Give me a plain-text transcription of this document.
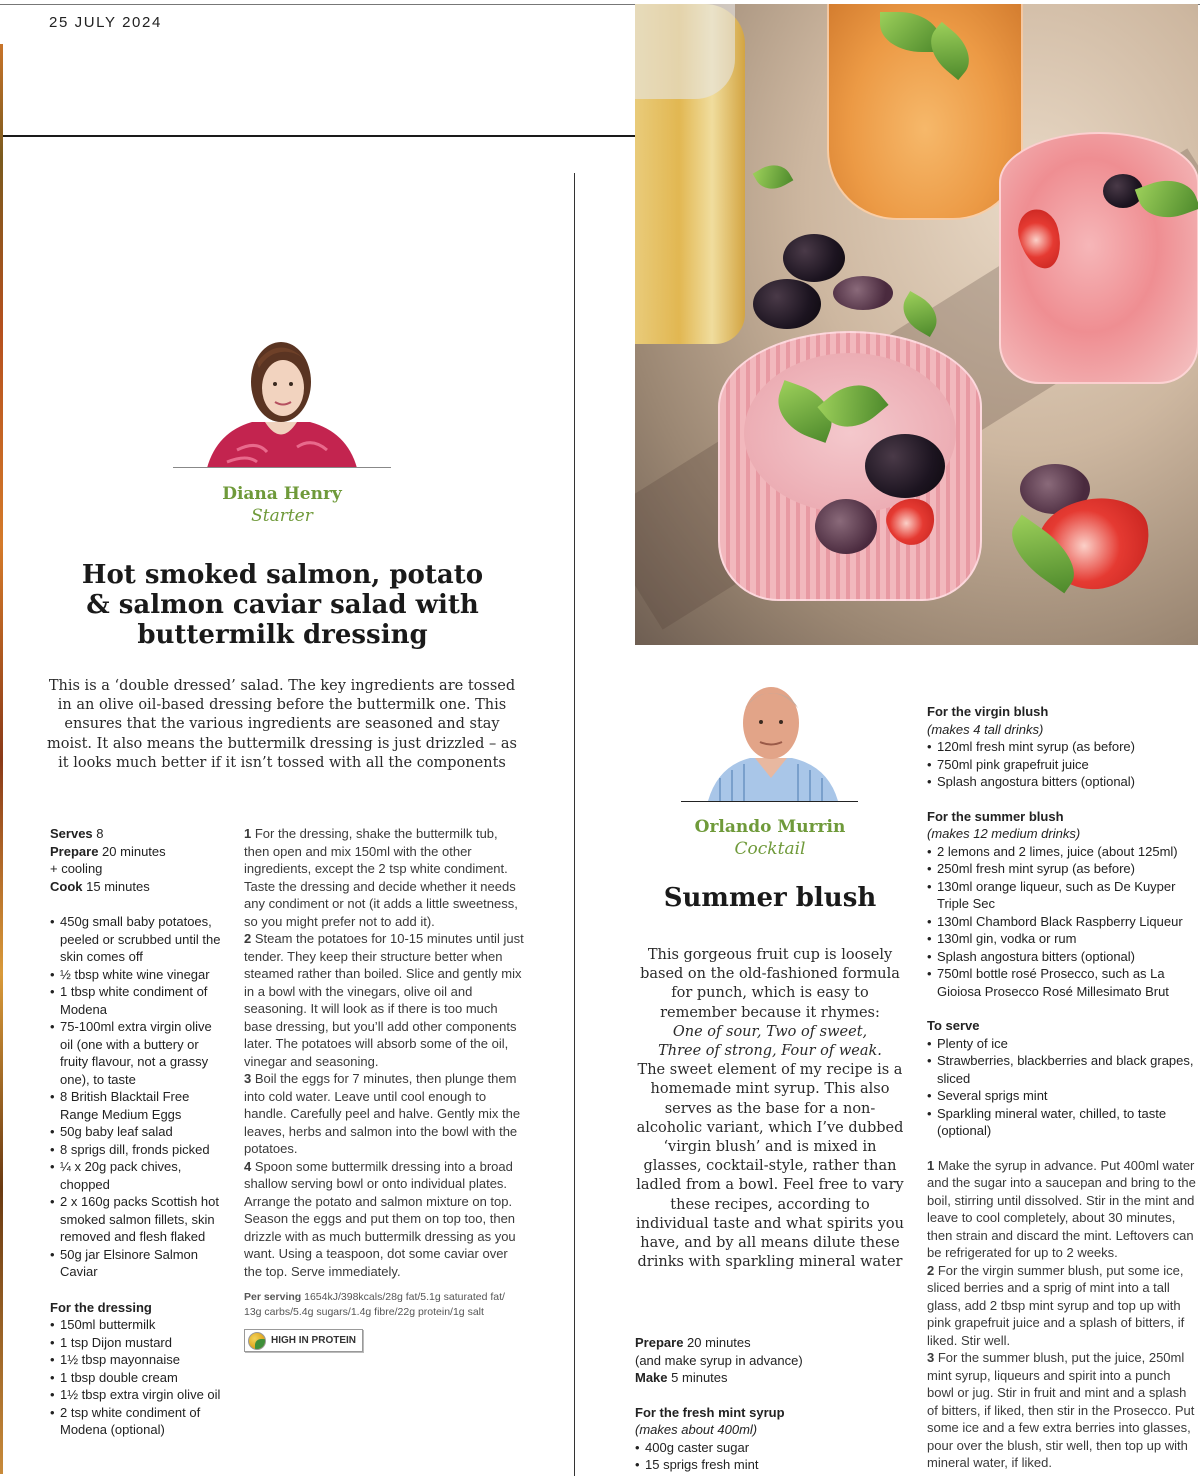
25 JULY 2024
Diana Henry
Starter
Hot smoked salmon, potato
& salmon caviar salad with
buttermilk dressing
This is a ‘double dressed’ salad. The key ingredients are tossed in an olive oil-based dressing before the buttermilk one. This ensures that the various ingredients are seasoned and stay moist. It also means the buttermilk dressing is just drizzled – as it looks much better if it isn’t tossed with all the components
Serves 8
Prepare 20 minutes
+ cooling
Cook 15 minutes
• 450g small baby potatoes, peeled or scrubbed until the skin comes off
• ½ tbsp white wine vinegar
• 1 tbsp white condiment of Modena
• 75-100ml extra virgin olive oil (one with a buttery or fruity flavour, not a grassy one), to taste
• 8 British Blacktail Free Range Medium Eggs
• 50g baby leaf salad
• 8 sprigs dill, fronds picked
• ¼ x 20g pack chives, chopped
• 2 x 160g packs Scottish hot smoked salmon fillets, skin removed and flesh flaked
• 50g jar Elsinore Salmon Caviar
For the dressing
• 150ml buttermilk
• 1 tsp Dijon mustard
• 1½ tbsp mayonnaise
• 1 tbsp double cream
• 1½ tbsp extra virgin olive oil
• 2 tsp white condiment of Modena (optional)

1 For the dressing, shake the buttermilk tub, then open and mix 150ml with the other ingredients, except the 2 tsp white condiment. Taste the dressing and decide whether it needs any condiment or not (it adds a little sweetness, so you might prefer not to add it).

2 Steam the potatoes for 10-15 minutes until just tender. They keep their structure better when steamed rather than boiled. Slice and gently mix in a bowl with the vinegars, olive oil and seasoning. It will look as if there is too much base dressing, but you’ll add other components later. The potatoes will absorb some of the oil, vinegar and seasoning.

3 Boil the eggs for 7 minutes, then plunge them into cold water. Leave until cool enough to handle. Carefully peel and halve. Gently mix the leaves, herbs and salmon into the bowl with the potatoes.

4 Spoon some buttermilk dressing into a broad shallow serving bowl or onto individual plates. Arrange the potato and salmon mixture on top. Season the eggs and put them on top too, then drizzle with as much buttermilk dressing as you want. Using a teaspoon, dot some caviar over the top. Serve immediately.

Per serving 1654kJ/398kcals/28g fat/5.1g saturated fat/ 13g carbs/5.4g sugars/1.4g fibre/22g protein/1g salt
HIGH IN PROTEIN
Orlando Murrin
Cocktail
Summer blush
This gorgeous fruit cup is loosely based on the old-fashioned formula for punch, which is easy to remember because it rhymes:
One of sour, Two of sweet,
Three of strong, Four of weak.
The sweet element of my recipe is a homemade mint syrup. This also serves as the base for a non-alcoholic variant, which I’ve dubbed ‘virgin blush’ and is mixed in glasses, cocktail-style, rather than ladled from a bowl. Feel free to vary these recipes, according to individual taste and what spirits you have, and by all means dilute these drinks with sparkling mineral water
Prepare 20 minutes
(and make syrup in advance)
Make 5 minutes
For the fresh mint syrup
(makes about 400ml)
• 400g caster sugar
• 15 sprigs fresh mint
For the virgin blush
(makes 4 tall drinks)
• 120ml fresh mint syrup (as before)
• 750ml pink grapefruit juice
• Splash angostura bitters (optional)
For the summer blush
(makes 12 medium drinks)
• 2 lemons and 2 limes, juice (about 125ml)
• 250ml fresh mint syrup (as before)
• 130ml orange liqueur, such as De Kuyper Triple Sec
• 130ml Chambord Black Raspberry Liqueur
• 130ml gin, vodka or rum
• Splash angostura bitters (optional)
• 750ml bottle rosé Prosecco, such as La Gioiosa Prosecco Rosé Millesimato Brut
To serve
• Plenty of ice
• Strawberries, blackberries and black grapes, sliced
• Several sprigs mint
• Sparkling mineral water, chilled, to taste (optional)

1 Make the syrup in advance. Put 400ml water and the sugar into a saucepan and bring to the boil, stirring until dissolved. Stir in the mint and leave to cool completely, about 30 minutes, then strain and discard the mint. Leftovers can be refrigerated for up to 2 weeks.

2 For the virgin summer blush, put some ice, sliced berries and a sprig of mint into a tall glass, add 2 tbsp mint syrup and top up with pink grapefruit juice and a splash of bitters, if liked. Stir well.

3 For the summer blush, put the juice, 250ml mint syrup, liqueurs and spirit into a punch bowl or jug. Stir in fruit and mint and a splash of bitters, if liked, then stir in the Prosecco. Put some ice and a few extra berries into glasses, pour over the blush, stir well, then top up with mineral water, if liked.
